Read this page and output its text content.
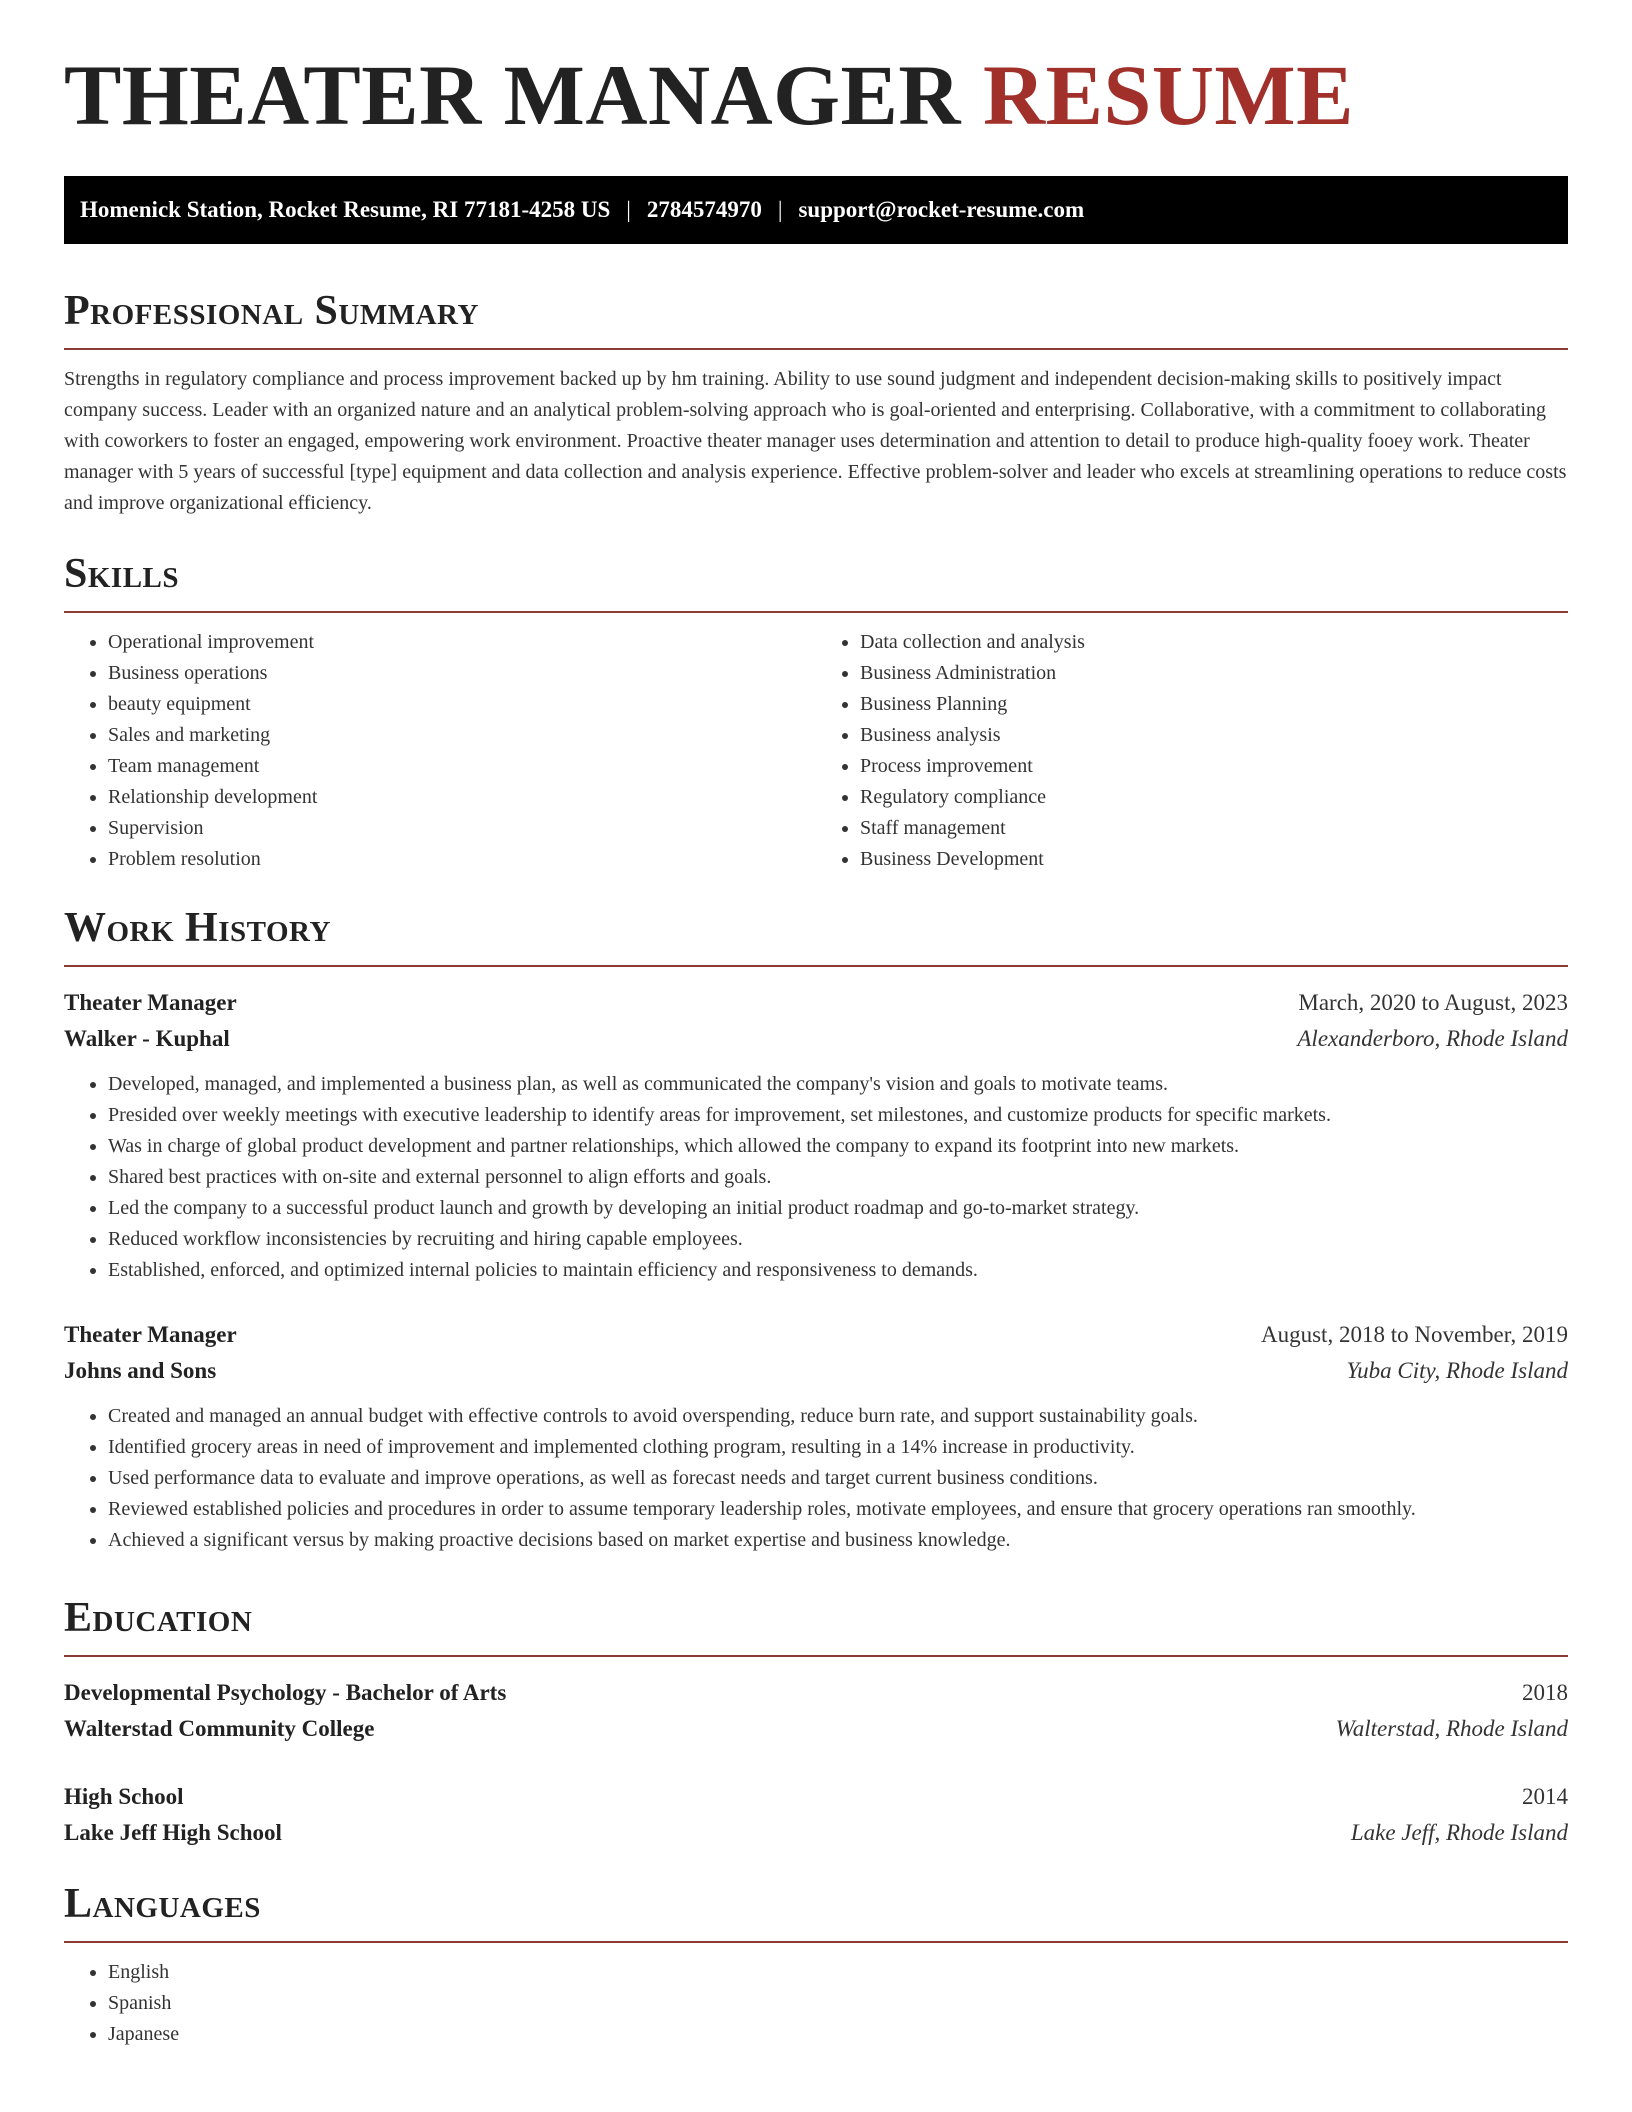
THEATER MANAGER RESUME
Homenick Station, Rocket Resume, RI 77181-4258 US | 2784574970 | support@rocket-resume.com
Professional Summary

Strengths in regulatory compliance and process improvement backed up by hm training. Ability to use sound judgment and independent decision-making skills to positively impact company success. Leader with an organized nature and an analytical problem-solving approach who is goal-oriented and enterprising. Collaborative, with a commitment to collaborating with coworkers to foster an engaged, empowering work environment. Proactive theater manager uses determination and attention to detail to produce high-quality fooey work. Theater manager with 5 years of successful [type] equipment and data collection and analysis experience. Effective problem-solver and leader who excels at streamlining operations to reduce costs and improve organizational efficiency.

Skills
• Operational improvement
• Business operations
• beauty equipment
• Sales and marketing
• Team management
• Relationship development
• Supervision
• Problem resolution
• Data collection and analysis
• Business Administration
• Business Planning
• Business analysis
• Process improvement
• Regulatory compliance
• Staff management
• Business Development
Work History
Theater Manager	March, 2020 to August, 2023
Walker - Kuphal	Alexanderboro, Rhode Island
• Developed, managed, and implemented a business plan, as well as communicated the company's vision and goals to motivate teams.
• Presided over weekly meetings with executive leadership to identify areas for improvement, set milestones, and customize products for specific markets.
• Was in charge of global product development and partner relationships, which allowed the company to expand its footprint into new markets.
• Shared best practices with on-site and external personnel to align efforts and goals.
• Led the company to a successful product launch and growth by developing an initial product roadmap and go-to-market strategy.
• Reduced workflow inconsistencies by recruiting and hiring capable employees.
• Established, enforced, and optimized internal policies to maintain efficiency and responsiveness to demands.
Theater Manager	August, 2018 to November, 2019
Johns and Sons	Yuba City, Rhode Island
• Created and managed an annual budget with effective controls to avoid overspending, reduce burn rate, and support sustainability goals.
• Identified grocery areas in need of improvement and implemented clothing program, resulting in a 14% increase in productivity.
• Used performance data to evaluate and improve operations, as well as forecast needs and target current business conditions.
• Reviewed established policies and procedures in order to assume temporary leadership roles, motivate employees, and ensure that grocery operations ran smoothly.
• Achieved a significant versus by making proactive decisions based on market expertise and business knowledge.
Education
Developmental Psychology - Bachelor of Arts	2018
Walterstad Community College	Walterstad, Rhode Island
High School	2014
Lake Jeff High School	Lake Jeff, Rhode Island
Languages
• English
• Spanish
• Japanese
